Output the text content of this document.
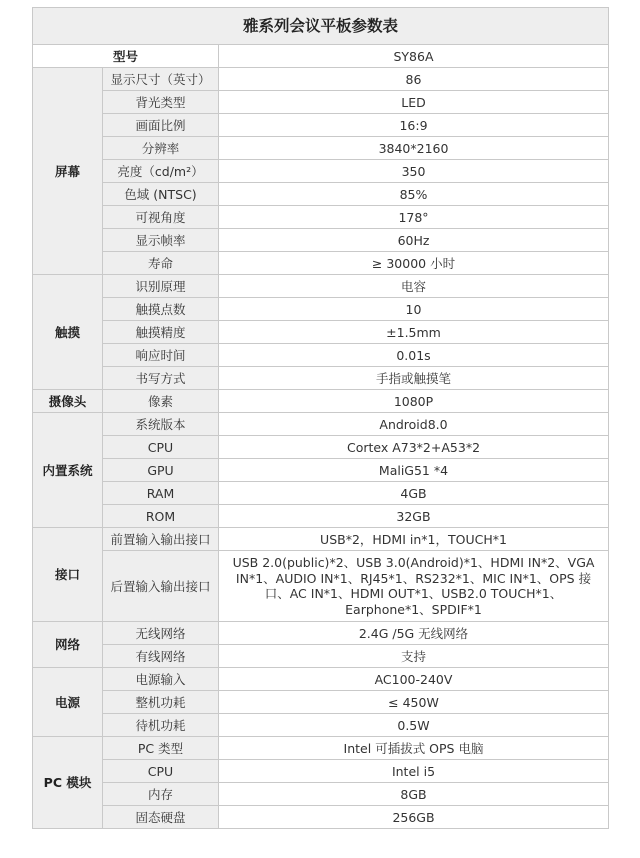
雅系列会议平板参数表		
型号		SY86A
屏幕	显示尺寸（英寸）	86
	背光类型	LED
	画面比例	16:9
	分辨率	3840*2160
	亮度（cd/m²）	350
	色域 (NTSC)	85%
	可视角度	178°
	显示帧率	60Hz
	寿命	≥ 30000 小时
触摸	识别原理	电容
	触摸点数	10
	触摸精度	±1.5mm
	响应时间	0.01s
	书写方式	手指或触摸笔
摄像头	像素	1080P
内置系统	系统版本	Android8.0
	CPU	Cortex A73*2+A53*2
	GPU	MaliG51 *4
	RAM	4GB
	ROM	32GB
接口	前置输入输出接口	USB*2，HDMI in*1，TOUCH*1
	后置输入输出接口	USB 2.0(public)*2、USB 3.0(Android)*1、HDMI IN*2、VGA IN*1、AUDIO IN*1、RJ45*1、RS232*1、MIC IN*1、OPS 接口、AC IN*1、HDMI OUT*1、USB2.0 TOUCH*1、Earphone*1、SPDIF*1
网络	无线网络	2.4G /5G 无线网络
	有线网络	支持
电源	电源输入	AC100-240V
	整机功耗	≤ 450W
	待机功耗	0.5W
PC 模块	PC 类型	Intel 可插拔式 OPS 电脑
	CPU	Intel i5
	内存	8GB
	固态硬盘	256GB
